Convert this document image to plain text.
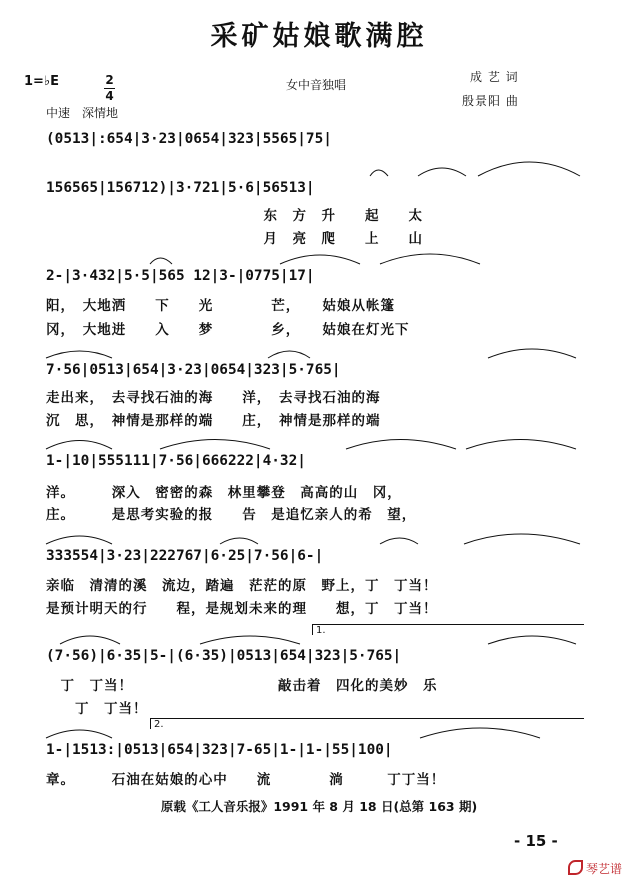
采矿姑娘歌满腔
1=♭E	2
4
女中音独唱
成 艺 词
殷景阳 曲
中速　深情地
(0513|:654|3·23|0654|323|5565|75|
156565|156712)|3·721|5·6|56513|
　　　　　　　　　　　　　　　东　方　升　　起　　太
　　　　　　　　　　　　　　　月　亮　爬　　上　　山
2-|3·432|5·5|565 12|3-|0775|17|
阳，　大地洒　　下　　光　　　　芒，　　姑娘从帐篷
冈，　大地进　　入　　梦　　　　乡，　　姑娘在灯光下
7·56|0513|654|3·23|0654|323|5·765|
走出来，　去寻找石油的海　　洋，　去寻找石油的海
沉　思，　神情是那样的端　　庄，　神情是那样的端
1-|10|555111|7·56|666222|4·32|
洋。　　　深入　密密的森　林里攀登　高高的山　冈，
庄。　　　是思考实验的报　　告　是追忆亲人的希　望，
333554|3·23|222767|6·25|7·56|6-|
亲临　清清的溪　流边，踏遍　茫茫的原　野上，丁　丁当！
是预计明天的行　　程，是规划未来的理　　想，丁　丁当！
1.
(7·56)|6·35|5-|(6·35)|0513|654|323|5·765|
　丁　丁当！　　　　　　　　　　敲击着　四化的美妙　乐
　　丁　丁当！
2.
1-|1513:|0513|654|323|7-65|1-|1-|55|100|
章。　　　石油在姑娘的心中　　流　　　　淌　　　丁丁当！
原载《工人音乐报》1991 年 8 月 18 日(总第 163 期)
- 15 -
琴艺谱
